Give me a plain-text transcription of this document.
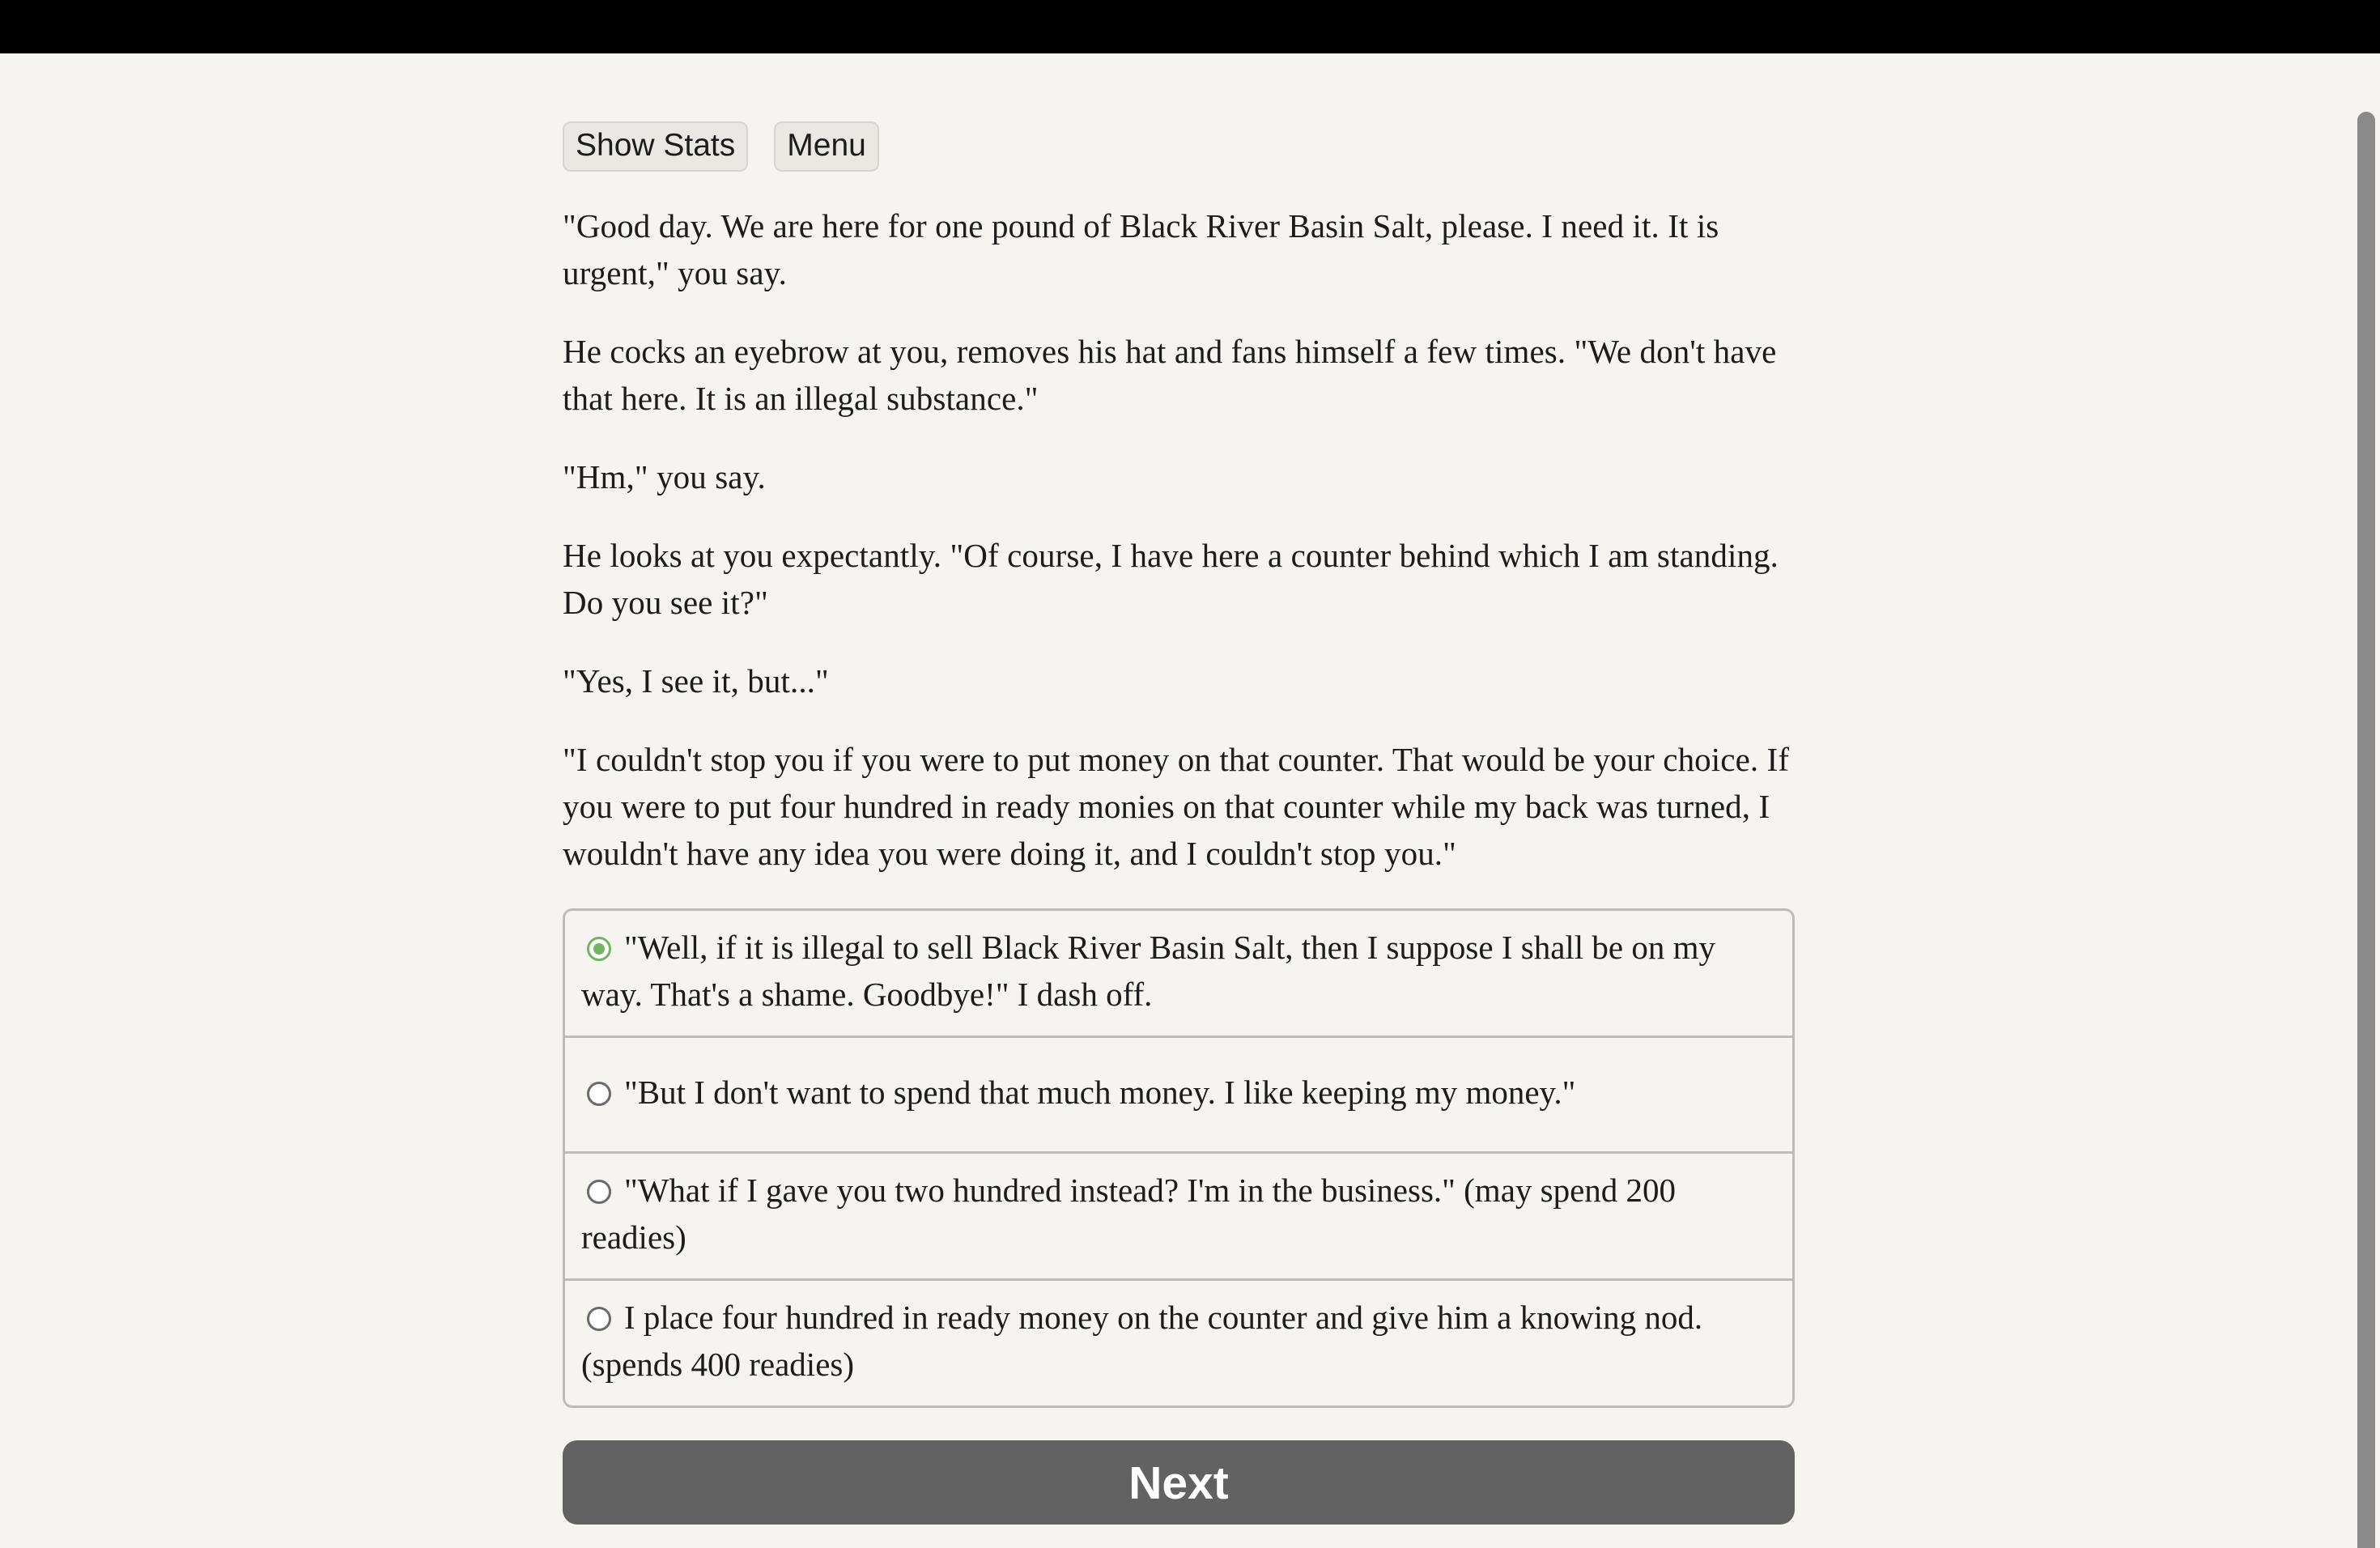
Show Stats	Menu

"Good day. We are here for one pound of Black River Basin Salt, please. I need it. It is urgent," you say.

He cocks an eyebrow at you, removes his hat and fans himself a few times. "We don't have that here. It is an illegal substance."

"Hm," you say.

He looks at you expectantly. "Of course, I have here a counter behind which I am standing. Do you see it?"

"Yes, I see it, but..."

"I couldn't stop you if you were to put money on that counter. That would be your choice. If you were to put four hundred in ready monies on that counter while my back was turned, I wouldn't have any idea you were doing it, and I couldn't stop you."

"Well, if it is illegal to sell Black River Basin Salt, then I suppose I shall be on my way. That's a shame. Goodbye!" I dash off.
"But I don't want to spend that much money. I like keeping my money."
"What if I gave you two hundred instead? I'm in the business." (may spend 200 readies)
I place four hundred in ready money on the counter and give him a knowing nod. (spends 400 readies)
Next
